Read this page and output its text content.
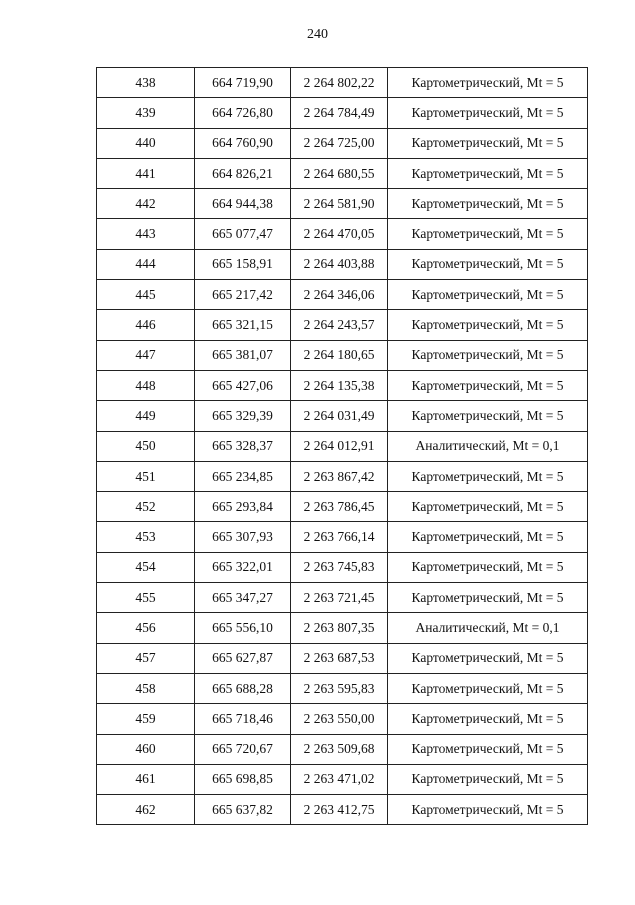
240
438	664 719,90	2 264 802,22	Картометрический, Mt = 5
439	664 726,80	2 264 784,49	Картометрический, Mt = 5
440	664 760,90	2 264 725,00	Картометрический, Mt = 5
441	664 826,21	2 264 680,55	Картометрический, Mt = 5
442	664 944,38	2 264 581,90	Картометрический, Mt = 5
443	665 077,47	2 264 470,05	Картометрический, Mt = 5
444	665 158,91	2 264 403,88	Картометрический, Mt = 5
445	665 217,42	2 264 346,06	Картометрический, Mt = 5
446	665 321,15	2 264 243,57	Картометрический, Mt = 5
447	665 381,07	2 264 180,65	Картометрический, Mt = 5
448	665 427,06	2 264 135,38	Картометрический, Mt = 5
449	665 329,39	2 264 031,49	Картометрический, Mt = 5
450	665 328,37	2 264 012,91	Аналитический, Mt = 0,1
451	665 234,85	2 263 867,42	Картометрический, Mt = 5
452	665 293,84	2 263 786,45	Картометрический, Mt = 5
453	665 307,93	2 263 766,14	Картометрический, Mt = 5
454	665 322,01	2 263 745,83	Картометрический, Mt = 5
455	665 347,27	2 263 721,45	Картометрический, Mt = 5
456	665 556,10	2 263 807,35	Аналитический, Mt = 0,1
457	665 627,87	2 263 687,53	Картометрический, Mt = 5
458	665 688,28	2 263 595,83	Картометрический, Mt = 5
459	665 718,46	2 263 550,00	Картометрический, Mt = 5
460	665 720,67	2 263 509,68	Картометрический, Mt = 5
461	665 698,85	2 263 471,02	Картометрический, Mt = 5
462	665 637,82	2 263 412,75	Картометрический, Mt = 5
